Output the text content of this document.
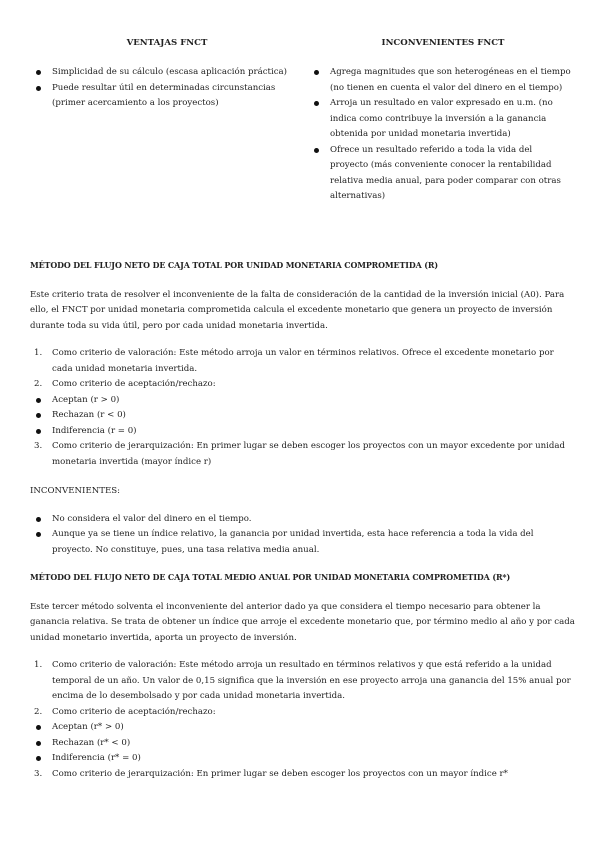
VENTAJAS FNCT
Simplicidad de su cálculo (escasa aplicación práctica)
Puede resultar útil en determinadas circunstancias (primer acercamiento a los proyectos)
INCONVENIENTES FNCT
Agrega magnitudes que son heterogéneas en el tiempo (no tienen en cuenta el valor del dinero en el tiempo)
Arroja un resultado en valor expresado en u.m. (no indica como contribuye la inversión a la ganancia obtenida por unidad monetaria invertida)
Ofrece un resultado referido a toda la vida del proyecto (más conveniente conocer la rentabilidad relativa media anual, para poder comparar con otras alternativas)
MÉTODO DEL FLUJO NETO DE CAJA TOTAL POR UNIDAD MONETARIA COMPROMETIDA (R)

Este criterio trata de resolver el inconveniente de la falta de consideración de la cantidad de la inversión inicial (A0). Para ello, el FNCT por unidad monetaria comprometida calcula el excedente monetario que genera un proyecto de inversión durante toda su vida útil, pero por cada unidad monetaria invertida.

1. Como criterio de valoración: Este método arroja un valor en términos relativos. Ofrece el excedente monetario por cada unidad monetaria invertida.
2. Como criterio de aceptación/rechazo:
Aceptan (r > 0)
Rechazan (r < 0)
Indiferencia (r = 0)
3. Como criterio de jerarquización: En primer lugar se deben escoger los proyectos con un mayor excedente por unidad monetaria invertida (mayor índice r)

INCONVENIENTES:

No considera el valor del dinero en el tiempo.
Aunque ya se tiene un índice relativo, la ganancia por unidad invertida, esta hace referencia a toda la vida del proyecto. No constituye, pues, una tasa relativa media anual.
MÉTODO DEL FLUJO NETO DE CAJA TOTAL MEDIO ANUAL POR UNIDAD MONETARIA COMPROMETIDA (R*)

Este tercer método solventa el inconveniente del anterior dado ya que considera el tiempo necesario para obtener la ganancia relativa. Se trata de obtener un índice que arroje el excedente monetario que, por término medio al año y por cada unidad monetario invertida, aporta un proyecto de inversión.

1. Como criterio de valoración: Este método arroja un resultado en términos relativos y que está referido a la unidad temporal de un año. Un valor de 0,15 significa que la inversión en ese proyecto arroja una ganancia del 15% anual por encima de lo desembolsado y por cada unidad monetaria invertida.
2. Como criterio de aceptación/rechazo:
Aceptan (r* > 0)
Rechazan (r* < 0)
Indiferencia (r* = 0)
3. Como criterio de jerarquización: En primer lugar se deben escoger los proyectos con un mayor índice r*
